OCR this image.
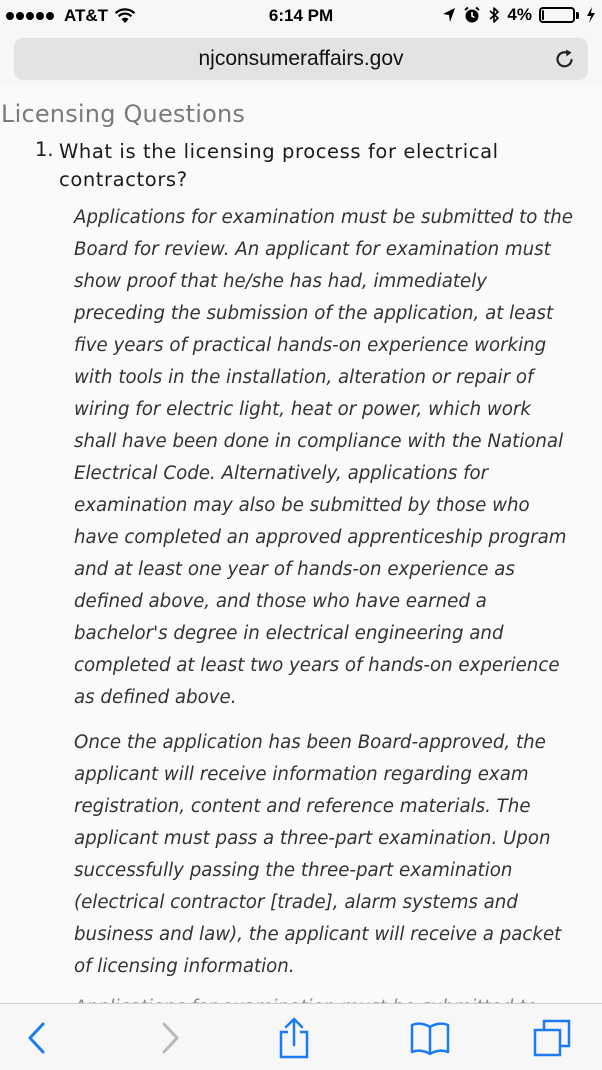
AT&T	6:14 PM	4%
njconsumeraffairs.gov
Licensing Questions
1. What is the licensing process for electrical contractors?

Applications for examination must be submitted to the Board for review. An applicant for examination must show proof that he/she has had, immediately preceding the submission of the application, at least five years of practical hands-on experience working with tools in the installation, alteration or repair of wiring for electric light, heat or power, which work shall have been done in compliance with the National Electrical Code. Alternatively, applications for examination may also be submitted by those who have completed an approved apprenticeship program and at least one year of hands-on experience as defined above, and those who have earned a bachelor's degree in electrical engineering and completed at least two years of hands-on experience as defined above.

Once the application has been Board-approved, the applicant will receive information regarding exam registration, content and reference materials. The applicant must pass a three-part examination. Upon successfully passing the three-part examination (electrical contractor [trade], alarm systems and business and law), the applicant will receive a packet of licensing information.
